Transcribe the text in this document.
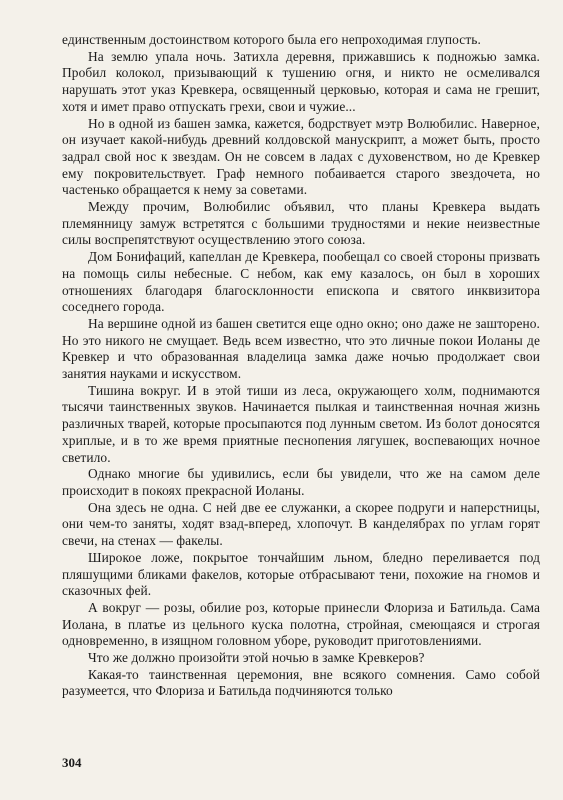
единственным достоинством которого была его непроходимая глупость.

На землю упала ночь. Затихла деревня, прижавшись к подножью замка. Пробил колокол, призывающий к тушению огня, и никто не осмеливался нарушать этот указ Кревкера, освященный церковью, которая и сама не грешит, хотя и имет право отпускать грехи, свои и чужие...

Но в одной из башен замка, кажется, бодрствует мэтр Волюбилис. Наверное, он изучает какой-нибудь древний колдовской манускрипт, а может быть, просто задрал свой нос к звездам. Он не совсем в ладах с духовенством, но де Кревкер ему покровительствует. Граф немного побаивается старого звездочета, но частенько обращается к нему за советами.

Между прочим, Волюбилис объявил, что планы Кревкера выдать племянницу замуж встретятся с большими трудностями и некие неизвестные силы воспрепятствуют осуществлению этого союза.

Дом Бонифаций, капеллан де Кревкера, пообещал со своей стороны призвать на помощь силы небесные. С небом, как ему казалось, он был в хороших отношениях благодаря благосклонности епископа и святого инквизитора соседнего города.

На вершине одной из башен светится еще одно окно; оно даже не зашторено. Но это никого не смущает. Ведь всем известно, что это личные покои Иоланы де Кревкер и что образованная владелица замка даже ночью продолжает свои занятия науками и искусством.

Тишина вокруг. И в этой тиши из леса, окружающего холм, поднимаются тысячи таинственных звуков. Начинается пылкая и таинственная ночная жизнь различных тварей, которые просыпаются под лунным светом. Из болот доносятся хриплые, и в то же время приятные песнопения лягушек, воспевающих ночное светило.

Однако многие бы удивились, если бы увидели, что же на самом деле происходит в покоях прекрасной Иоланы.

Она здесь не одна. С ней две ее служанки, а скорее подруги и наперстницы, они чем-то заняты, ходят взад-вперед, хлопочут. В канделябрах по углам горят свечи, на стенах — факелы.

Широкое ложе, покрытое тончайшим льном, бледно переливается под пляшущими бликами факелов, которые отбрасывают тени, похожие на гномов и сказочных фей.

А вокруг — розы, обилие роз, которые принесли Флориза и Батильда. Сама Иолана, в платье из цельного куска полотна, стройная, смеющаяся и строгая одновременно, в изящном головном уборе, руководит приготовлениями.

Что же должно произойти этой ночью в замке Кревкеров?

Какая-то таинственная церемония, вне всякого сомнения. Само собой разумеется, что Флориза и Батильда подчиняются только

304
